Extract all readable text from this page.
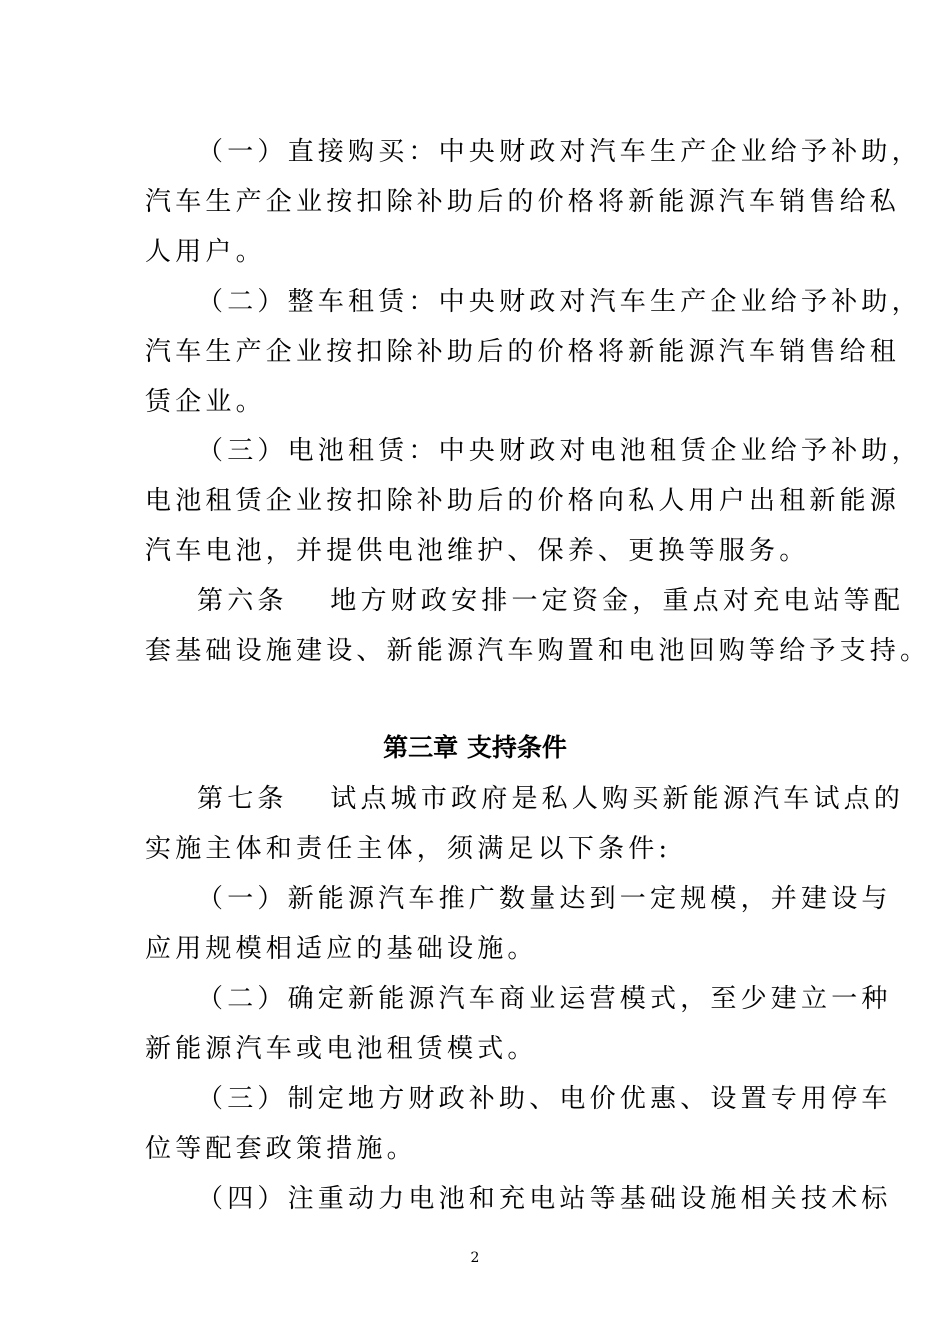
（一）直接购买：中央财政对汽车生产企业给予补助，
汽车生产企业按扣除补助后的价格将新能源汽车销售给私
人用户。
（二）整车租赁：中央财政对汽车生产企业给予补助，
汽车生产企业按扣除补助后的价格将新能源汽车销售给租
赁企业。
（三）电池租赁：中央财政对电池租赁企业给予补助，
电池租赁企业按扣除补助后的价格向私人用户出租新能源
汽车电池，并提供电池维护、保养、更换等服务。
第六条　 地方财政安排一定资金，重点对充电站等配
套基础设施建设、新能源汽车购置和电池回购等给予支持。
第三章 支持条件
第七条　 试点城市政府是私人购买新能源汽车试点的
实施主体和责任主体，须满足以下条件:
（一）新能源汽车推广数量达到一定规模，并建设与
应用规模相适应的基础设施。
（二）确定新能源汽车商业运营模式，至少建立一种
新能源汽车或电池租赁模式。
（三）制定地方财政补助、电价优惠、设置专用停车
位等配套政策措施。
（四）注重动力电池和充电站等基础设施相关技术标
2
